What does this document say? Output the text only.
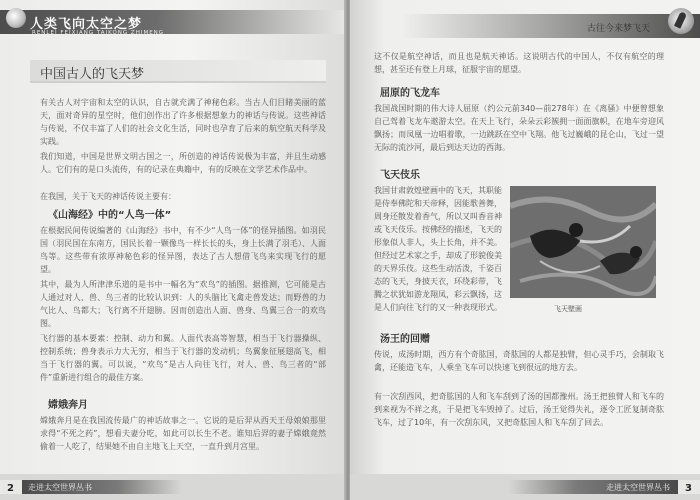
人类飞向太空之梦
RENLEI FEIXIANG TAIKONG ZHIMENG
中国古人的飞天梦
有关古人对宇宙和太空的认识，自古就充满了神秘色彩。当古人们目睹美丽的蓝天，面对奇异的星空时，他们创作出了许多根据想象力的神话与传说。这些神话与传说，不仅丰富了人们的社会文化生活，同时也孕育了后来的航空航天科学及实践。
我们知道，中国是世界文明古国之一，所创造的神话传说极为丰富，并且生动感人。它们有的是口头流传，有的记录在典籍中，有的反映在文学艺术作品中。
在我国，关于飞天的神话传说主要有：
《山海经》中的“人鸟一体”
在根据民间传说编著的《山海经》书中，有不少“人鸟一体”的怪异插图。如羽民国（羽民国在东南方，国民长着一颗像鸟一样长长的头，身上长满了羽毛）、人面鸟等。这些带有浓厚神秘色彩的怪异图，表达了古人想借飞鸟来实现飞行的愿望。
其中，最为人所津津乐道的是书中一幅名为“欢鸟”的插图。据推测，它可能是古人通过对人、兽、鸟三者的比较认识到：人的头脑比飞禽走兽发达；而野兽的力气比人、鸟都大；飞行离不开翅膀。因而创造出人面、兽身、鸟翼三合一的欢鸟图。
飞行器的基本要素：控制、动力和翼。人面代表高等智慧，相当于飞行器操纵、控制系统；兽身表示力大无穷，相当于飞行器的发动机；鸟翼象征展翅高飞，相当于飞行器的翼。可以说，“欢鸟”是古人向往飞行，对人、兽、鸟三者的“部件”重新进行组合的最佳方案。
嫦娥奔月
嫦娥奔月是在我国流传最广的神话故事之一。它说的是后羿从西天王母娘娘那里求得“不死之药”，想看夫妻分吃，如此可以长生不老。谁知后羿的妻子嫦娥竟然偷着一人吃了，结果她不由自主地飞上天空，一直升到月宫里。
2 走进太空世界丛书
古往今来梦飞天
这不仅是航空神话，而且也是航天神话。这说明古代的中国人，不仅有航空的理想，甚至还有登上月球，征服宇宙的愿望。
屈原的飞龙车
我国战国时期的伟大诗人屈原（约公元前340—前278年）在《离骚》中便曾想象自己驾着飞龙车遨游太空。在天上飞行，朵朵云彩簇拥一面面旗帜，在地车旁迎风飘扬；而凤凰一边唱着歌，一边跳跃在空中飞翔。他飞过巍峨的昆仑山，飞过一望无际的流沙河，最后到达天边的西海。
飞天伎乐
我国甘肃敦煌壁画中的飞天，其职能是侍奉佛陀和天帝释，因能歌善舞，周身还散发着香气，所以又叫香音神或飞天伎乐。按佛经的描述，飞天的形象似人非人，头上长角，并不美。但经过艺术家之手，却成了形貌俊美的天界乐伎。这些生动活泼，千姿百态的飞天，身披天衣，环绕彩带，飞腾之状犹如游龙翔凤，彩云飘扬，这是人们向往飞行的又一种表现形式。	飞天壁画
汤王的回赠
传说，成汤时期，西方有个奇肱国，奇肱国的人都是独臂，但心灵手巧，会制取飞禽，还能造飞车，人乘坐飞车可以快速飞到很远的地方去。
有一次刮西风，把奇肱国的人和飞车刮到了汤的国都豫州。汤王把独臂人和飞车的到来视为不祥之兆，于是把飞车毁掉了。过后，汤王觉得失礼，逐令工匠复制奇肱飞车，过了10年，有一次刮东风，又把奇肱国人和飞车刮了回去。
走进太空世界丛书 3
